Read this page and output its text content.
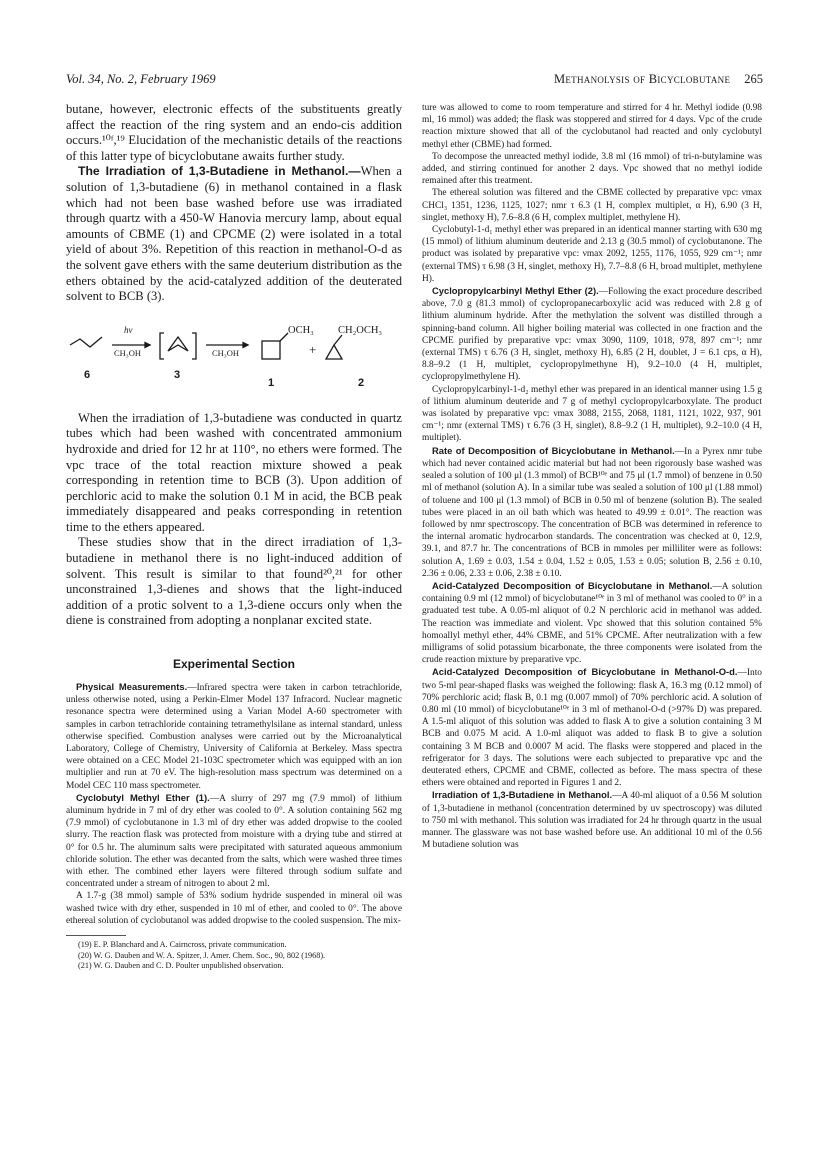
Vol. 34, No. 2, February 1969	Methanolysis of Bicyclobutane 265

butane, however, electronic effects of the substituents greatly affect the reaction of the ring system and an endo-cis addition occurs.¹⁰ᶠ,¹⁹ Elucidation of the mechanistic details of the reactions of this latter type of bicyclobutane awaits further study.

The Irradiation of 1,3-Butadiene in Methanol.—When a solution of 1,3-butadiene (6) in methanol contained in a flask which had not been base washed before use was irradiated through quartz with a 450-W Hanovia mercury lamp, about equal amounts of CBME (1) and CPCME (2) were isolated in a total yield of about 3%. Repetition of this reaction in methanol-O-d as the solvent gave ethers with the same deuterium distribution as the ethers obtained by the acid-catalyzed addition of the deuterated solvent to BCB (3).

hν
CH₃OH	CH₃OH
OCH₃
+
CH₂OCH₃
6	3
1	2

When the irradiation of 1,3-butadiene was conducted in quartz tubes which had been washed with concentrated ammonium hydroxide and dried for 12 hr at 110°, no ethers were formed. The vpc trace of the total reaction mixture showed a peak corresponding in retention time to BCB (3). Upon addition of perchloric acid to make the solution 0.1 M in acid, the BCB peak immediately disappeared and peaks corresponding in retention time to the ethers appeared.

These studies show that in the direct irradiation of 1,3-butadiene in methanol there is no light-induced addition of solvent. This result is similar to that found²⁰,²¹ for other unconstrained 1,3-dienes and shows that the light-induced addition of a protic solvent to a 1,3-diene occurs only when the diene is constrained from adopting a nonplanar excited state.

Experimental Section

Physical Measurements.—Infrared spectra were taken in carbon tetrachloride, unless otherwise noted, using a Perkin-Elmer Model 137 Infracord. Nuclear magnetic resonance spectra were determined using a Varian Model A-60 spectrometer with samples in carbon tetrachloride containing tetramethylsilane as internal standard, unless otherwise specified. Combustion analyses were carried out by the Microanalytical Laboratory, College of Chemistry, University of California at Berkeley. Mass spectra were obtained on a CEC Model 21-103C spectrometer which was equipped with an ion multiplier and run at 70 eV. The high-resolution mass spectrum was determined on a Model CEC 110 mass spectrometer.

Cyclobutyl Methyl Ether (1).—A slurry of 297 mg (7.9 mmol) of lithium aluminum hydride in 7 ml of dry ether was cooled to 0°. A solution containing 562 mg (7.9 mmol) of cyclobutanone in 1.3 ml of dry ether was added dropwise to the cooled slurry. The reaction flask was protected from moisture with a drying tube and stirred at 0° for 0.5 hr. The aluminum salts were precipitated with saturated aqueous ammonium chloride solution. The ether was decanted from the salts, which were washed three times with ether. The combined ether layers were filtered through sodium sulfate and concentrated under a stream of nitrogen to about 2 ml.

A 1.7-g (38 mmol) sample of 53% sodium hydride suspended in mineral oil was washed twice with dry ether, suspended in 10 ml of ether, and cooled to 0°. The above ethereal solution of cyclobutanol was added dropwise to the cooled suspension. The mix-

(19) E. P. Blanchard and A. Cairncross, private communication.
(20) W. G. Dauben and W. A. Spitzer, J. Amer. Chem. Soc., 90, 802 (1968).
(21) W. G. Dauben and C. D. Poulter unpublished observation.

ture was allowed to come to room temperature and stirred for 4 hr. Methyl iodide (0.98 ml, 16 mmol) was added; the flask was stoppered and stirred for 4 days. Vpc of the crude reaction mixture showed that all of the cyclobutanol had reacted and only cyclobutyl methyl ether (CBME) had formed.

To decompose the unreacted methyl iodide, 3.8 ml (16 mmol) of tri-n-butylamine was added, and stirring continued for another 2 days. Vpc showed that no methyl iodide remained after this treatment.

The ethereal solution was filtered and the CBME collected by preparative vpc: νmax CHCl₃ 1351, 1236, 1125, 1027; nmr τ 6.3 (1 H, complex multiplet, α H), 6.90 (3 H, singlet, methoxy H), 7.6–8.8 (6 H, complex multiplet, methylene H).

Cyclobutyl-1-d₁ methyl ether was prepared in an identical manner starting with 630 mg (15 mmol) of lithium aluminum deuteride and 2.13 g (30.5 mmol) of cyclobutanone. The product was isolated by preparative vpc: νmax 2092, 1255, 1176, 1055, 929 cm⁻¹; nmr (external TMS) τ 6.98 (3 H, singlet, methoxy H), 7.7–8.8 (6 H, broad multiplet, methylene H).

Cyclopropylcarbinyl Methyl Ether (2).—Following the exact procedure described above, 7.0 g (81.3 mmol) of cyclopropanecarboxylic acid was reduced with 2.8 g of lithium aluminum hydride. After the methylation the solvent was distilled through a spinning-band column. All higher boiling material was collected in one fraction and the CPCME purified by preparative vpc: νmax 3090, 1109, 1018, 978, 897 cm⁻¹; nmr (external TMS) τ 6.76 (3 H, singlet, methoxy H), 6.85 (2 H, doublet, J = 6.1 cps, α H), 8.8–9.2 (1 H, multiplet, cyclopropylmethyne H), 9.2–10.0 (4 H, multiplet, cyclopropylmethylene H).

Cyclopropylcarbinyl-1-d₂ methyl ether was prepared in an identical manner using 1.5 g of lithium aluminum deuteride and 7 g of methyl cyclopropylcarboxylate. The product was isolated by preparative vpc: νmax 3088, 2155, 2068, 1181, 1121, 1022, 937, 901 cm⁻¹; nmr (external TMS) τ 6.76 (3 H, singlet), 8.8–9.2 (1 H, multiplet), 9.2–10.0 (4 H, multiplet).

Rate of Decomposition of Bicyclobutane in Methanol.—In a Pyrex nmr tube which had never contained acidic material but had not been rigorously base washed was sealed a solution of 100 μl (1.3 mmol) of BCB¹⁰ᵉ and 75 μl (1.7 mmol) of benzene in 0.50 ml of methanol (solution A). In a similar tube was sealed a solution of 100 μl (1.88 mmol) of toluene and 100 μl (1.3 mmol) of BCB in 0.50 ml of benzene (solution B). The sealed tubes were placed in an oil bath which was heated to 49.99 ± 0.01°. The reaction was followed by nmr spectroscopy. The concentration of BCB was determined in reference to the internal aromatic hydrocarbon standards. The concentration was checked at 0, 12.9, 39.1, and 87.7 hr. The concentrations of BCB in mmoles per milliliter were as follows: solution A, 1.69 ± 0.03, 1.54 ± 0.04, 1.52 ± 0.05, 1.53 ± 0.05; solution B, 2.56 ± 0.10, 2.36 ± 0.06, 2.33 ± 0.06, 2.38 ± 0.10.

Acid-Catalyzed Decomposition of Bicyclobutane in Methanol.—A solution containing 0.9 ml (12 mmol) of bicyclobutane¹⁰ᵉ in 3 ml of methanol was cooled to 0° in a graduated test tube. A 0.05-ml aliquot of 0.2 N perchloric acid in methanol was added. The reaction was immediate and violent. Vpc showed that this solution contained 5% homoallyl methyl ether, 44% CBME, and 51% CPCME. After neutralization with a few milligrams of solid potassium bicarbonate, the three components were isolated from the crude reaction mixture by preparative vpc.

Acid-Catalyzed Decomposition of Bicyclobutane in Methanol-O-d.—Into two 5-ml pear-shaped flasks was weighed the following: flask A, 16.3 mg (0.12 mmol) of 70% perchloric acid; flask B, 0.1 mg (0.007 mmol) of 70% perchloric acid. A solution of 0.80 ml (10 mmol) of bicyclobutane¹⁰ᵉ in 3 ml of methanol-O-d (>97% D) was prepared. A 1.5-ml aliquot of this solution was added to flask A to give a solution containing 3 M BCB and 0.075 M acid. A 1.0-ml aliquot was added to flask B to give a solution containing 3 M BCB and 0.0007 M acid. The flasks were stoppered and placed in the refrigerator for 3 days. The solutions were each subjected to preparative vpc and the deuterated ethers, CPCME and CBME, collected as before. The mass spectra of these ethers were obtained and reported in Figures 1 and 2.

Irradiation of 1,3-Butadiene in Methanol.—A 40-ml aliquot of a 0.56 M solution of 1,3-butadiene in methanol (concentration determined by uv spectroscopy) was diluted to 750 ml with methanol. This solution was irradiated for 24 hr through quartz in the usual manner. The glassware was not base washed before use. An additional 10 ml of the 0.56 M butadiene solution was
